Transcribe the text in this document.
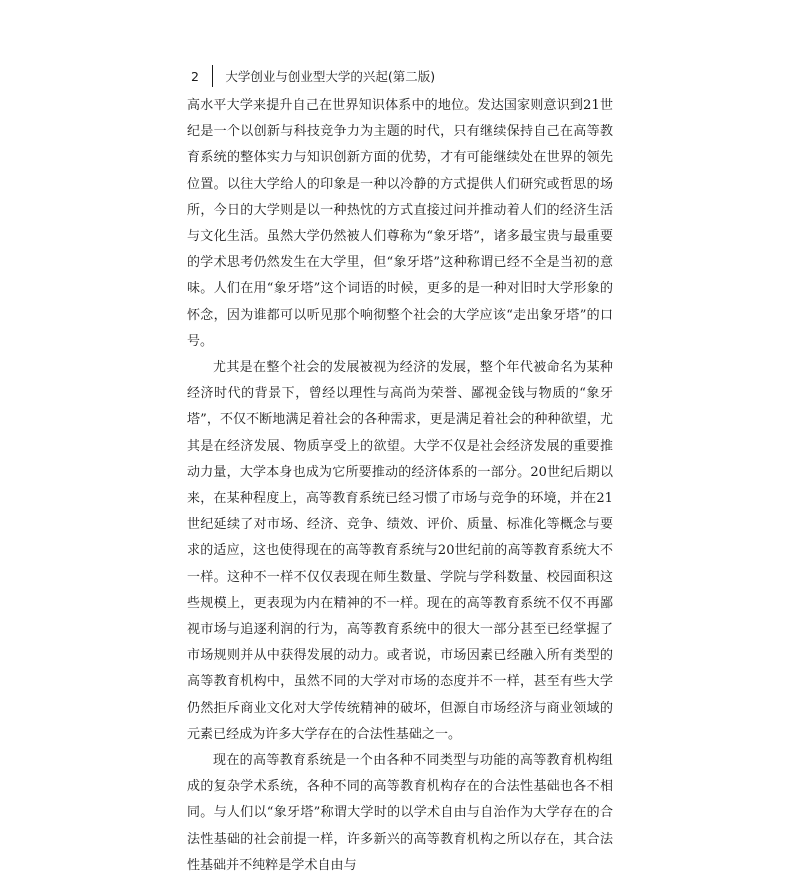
2	大学创业与创业型大学的兴起(第二版)

高水平大学来提升自己在世界知识体系中的地位。发达国家则意识到21世纪是一个以创新与科技竞争力为主题的时代，只有继续保持自己在高等教育系统的整体实力与知识创新方面的优势，才有可能继续处在世界的领先位置。以往大学给人的印象是一种以冷静的方式提供人们研究或哲思的场所，今日的大学则是以一种热忱的方式直接过问并推动着人们的经济生活与文化生活。虽然大学仍然被人们尊称为“象牙塔”，诸多最宝贵与最重要的学术思考仍然发生在大学里，但“象牙塔”这种称谓已经不全是当初的意味。人们在用“象牙塔”这个词语的时候，更多的是一种对旧时大学形象的怀念，因为谁都可以听见那个响彻整个社会的大学应该“走出象牙塔”的口号。

尤其是在整个社会的发展被视为经济的发展，整个年代被命名为某种经济时代的背景下，曾经以理性与高尚为荣誉、鄙视金钱与物质的“象牙塔”，不仅不断地满足着社会的各种需求，更是满足着社会的种种欲望，尤其是在经济发展、物质享受上的欲望。大学不仅是社会经济发展的重要推动力量，大学本身也成为它所要推动的经济体系的一部分。20世纪后期以来，在某种程度上，高等教育系统已经习惯了市场与竞争的环境，并在21世纪延续了对市场、经济、竞争、绩效、评价、质量、标准化等概念与要求的适应，这也使得现在的高等教育系统与20世纪前的高等教育系统大不一样。这种不一样不仅仅表现在师生数量、学院与学科数量、校园面积这些规模上，更表现为内在精神的不一样。现在的高等教育系统不仅不再鄙视市场与追逐利润的行为，高等教育系统中的很大一部分甚至已经掌握了市场规则并从中获得发展的动力。或者说，市场因素已经融入所有类型的高等教育机构中，虽然不同的大学对市场的态度并不一样，甚至有些大学仍然拒斥商业文化对大学传统精神的破坏，但源自市场经济与商业领域的元素已经成为许多大学存在的合法性基础之一。

现在的高等教育系统是一个由各种不同类型与功能的高等教育机构组成的复杂学术系统，各种不同的高等教育机构存在的合法性基础也各不相同。与人们以“象牙塔”称谓大学时的以学术自由与自治作为大学存在的合法性基础的社会前提一样，许多新兴的高等教育机构之所以存在，其合法性基础并不纯粹是学术自由与
